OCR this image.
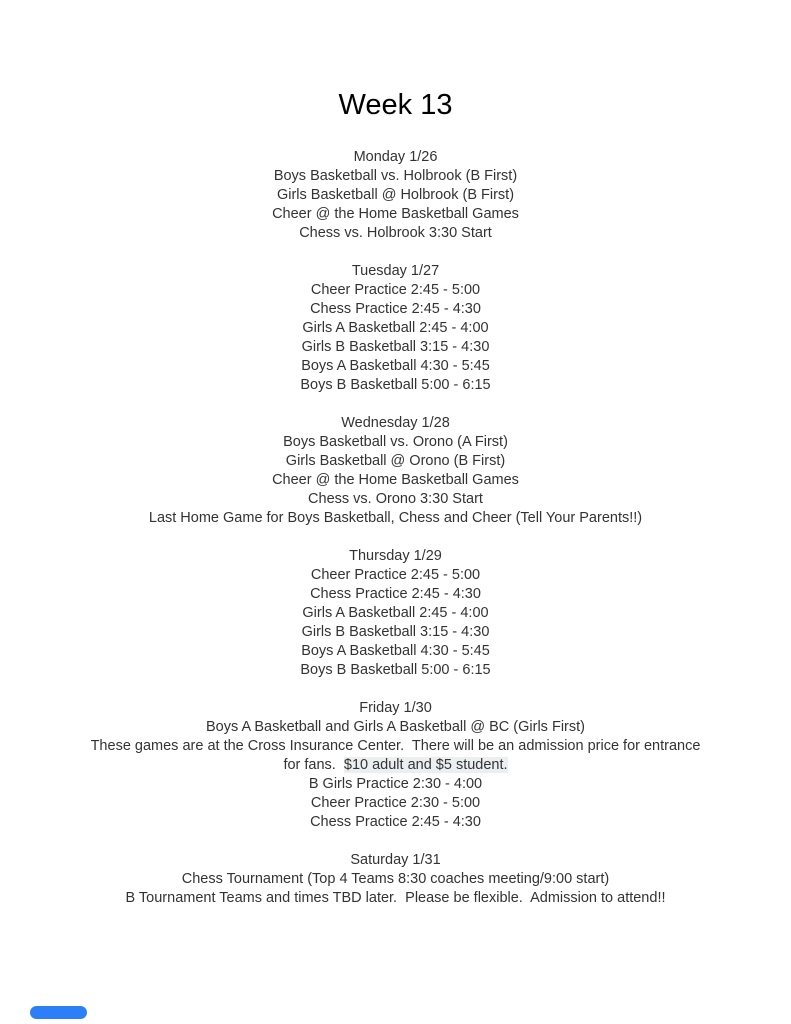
Week 13
Monday 1/26
Boys Basketball vs. Holbrook (B First)
Girls Basketball @ Holbrook (B First)
Cheer @ the Home Basketball Games
Chess vs. Holbrook 3:30 Start
Tuesday 1/27
Cheer Practice 2:45 - 5:00
Chess Practice 2:45 - 4:30
Girls A Basketball 2:45 - 4:00
Girls B Basketball 3:15 - 4:30
Boys A Basketball 4:30 - 5:45
Boys B Basketball 5:00 - 6:15
Wednesday 1/28
Boys Basketball vs. Orono (A First)
Girls Basketball @ Orono (B First)
Cheer @ the Home Basketball Games
Chess vs. Orono 3:30 Start
Last Home Game for Boys Basketball, Chess and Cheer (Tell Your Parents!!)
Thursday 1/29
Cheer Practice 2:45 - 5:00
Chess Practice 2:45 - 4:30
Girls A Basketball 2:45 - 4:00
Girls B Basketball 3:15 - 4:30
Boys A Basketball 4:30 - 5:45
Boys B Basketball 5:00 - 6:15
Friday 1/30
Boys A Basketball and Girls A Basketball @ BC (Girls First)
These games are at the Cross Insurance Center.  There will be an admission price for entrance
for fans.  $10 adult and $5 student.
B Girls Practice 2:30 - 4:00
Cheer Practice 2:30 - 5:00
Chess Practice 2:45 - 4:30
Saturday 1/31
Chess Tournament (Top 4 Teams 8:30 coaches meeting/9:00 start)
B Tournament Teams and times TBD later.  Please be flexible.  Admission to attend!!
